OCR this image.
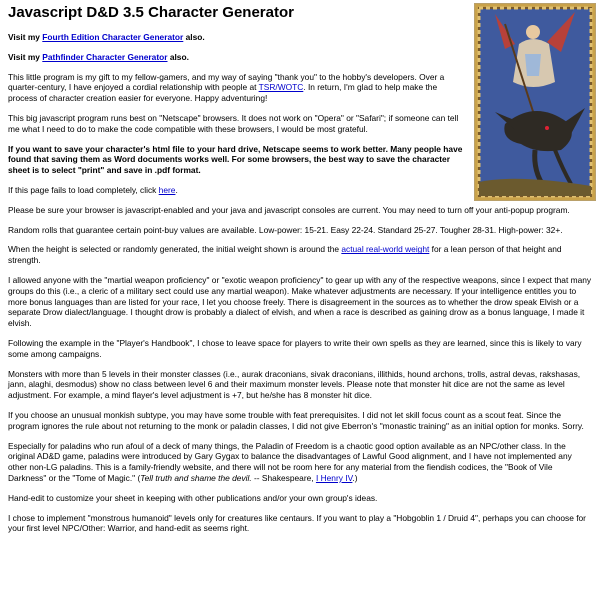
Javascript D&D 3.5 Character Generator

Visit my Fourth Edition Character Generator also.

Visit my Pathfinder Character Generator also.

This little program is my gift to my fellow-gamers, and my way of saying "thank you" to the hobby's developers. Over a quarter-century, I have enjoyed a cordial relationship with people at TSR/WOTC. In return, I'm glad to help make the process of character creation easier for everyone. Happy adventuring!

This big javascript program runs best on "Netscape" browsers. It does not work on "Opera" or "Safari"; if someone can tell me what I need to do to make the code compatible with these browsers, I would be most grateful.

If you want to save your character's html file to your hard drive, Netscape seems to work better. Many people have found that saving them as Word documents works well. For some browsers, the best way to save the character sheet is to select "print" and save in .pdf format.

If this page fails to load completely, click here.

Please be sure your browser is javascript-enabled and your java and javascript consoles are current. You may need to turn off your anti-popup program.

Random rolls that guarantee certain point-buy values are available. Low-power: 15-21. Easy 22-24. Standard 25-27. Tougher 28-31. High-power: 32+.

When the height is selected or randomly generated, the initial weight shown is around the actual real-world weight for a lean person of that height and strength.

I allowed anyone with the "martial weapon proficiency" or "exotic weapon proficiency" to gear up with any of the respective weapons, since I expect that many groups do this (i.e., a cleric of a military sect could use any martial weapon). Make whatever adjustments are necessary. If your intelligence entitles you to more bonus languages than are listed for your race, I let you choose freely. There is disagreement in the sources as to whether the drow speak Elvish or a separate Drow dialect/language. I thought drow is probably a dialect of elvish, and when a race is described as gaining drow as a bonus language, I made it elvish.

Following the example in the "Player's Handbook", I chose to leave space for players to write their own spells as they are learned, since this is likely to vary some among campaigns.

Monsters with more than 5 levels in their monster classes (i.e., aurak draconians, sivak draconians, illithids, hound archons, trolls, astral devas, rakshasas, jann, alaghi, desmodus) show no class between level 6 and their maximum monster levels. Please note that monster hit dice are not the same as level adjustment. For example, a mind flayer's level adjustment is +7, but he/she has 8 monster hit dice.

If you choose an unusual monkish subtype, you may have some trouble with feat prerequisites. I did not let skill focus count as a scout feat. Since the program ignores the rule about not returning to the monk or paladin classes, I did not give Eberron's "monastic training" as an initial option for monks. Sorry.

Especially for paladins who run afoul of a deck of many things, the Paladin of Freedom is a chaotic good option available as an NPC/other class. In the original AD&D game, paladins were introduced by Gary Gygax to balance the disadvantages of Lawful Good alignment, and I have not implemented any other non-LG paladins. This is a family-friendly website, and there will not be room here for any material from the fiendish codices, the "Book of Vile Darkness" or the "Tome of Magic." (Tell truth and shame the devil. -- Shakespeare, I Henry IV.)

Hand-edit to customize your sheet in keeping with other publications and/or your own group's ideas.

I chose to implement "monstrous humanoid" levels only for creatures like centaurs. If you want to play a "Hobgoblin 1 / Druid 4", perhaps you can choose for your first level NPC/Other: Warrior, and hand-edit as seems right.
